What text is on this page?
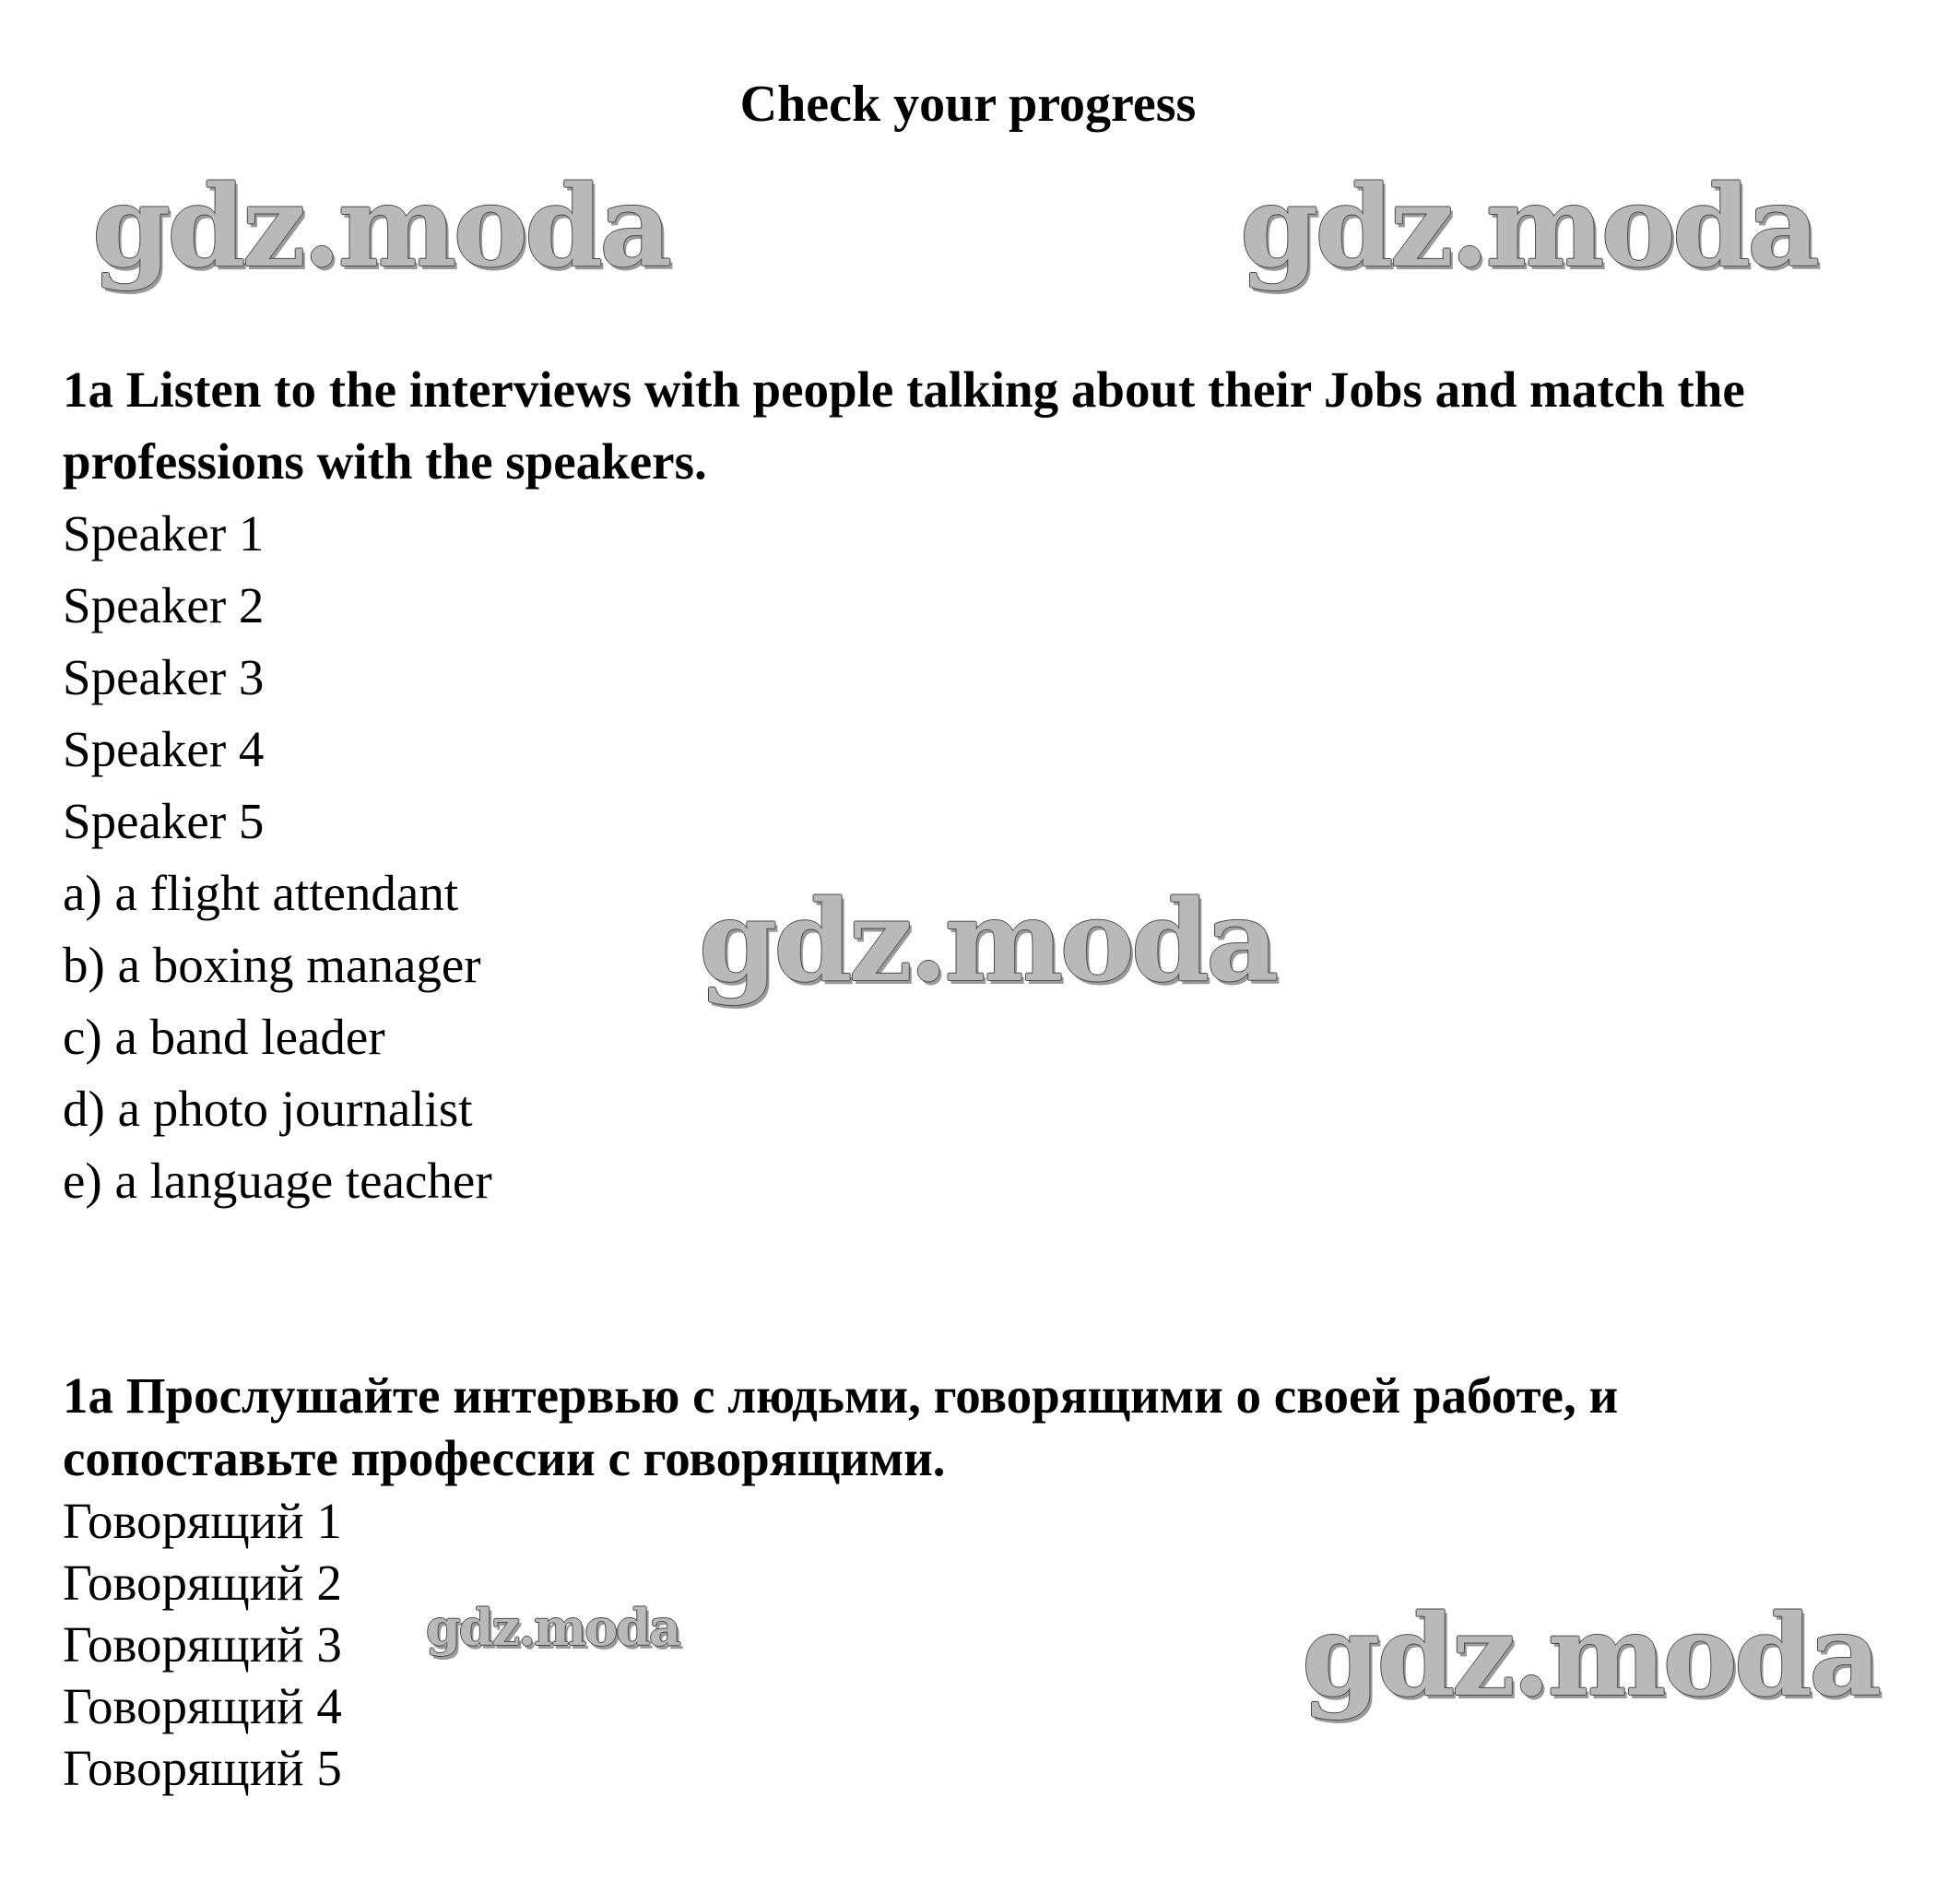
Check your progress
gdz.moda	gdz.moda
gdz.moda
gdz.moda	gdz.moda

1a Listen to the interviews with people talking about their Jobs and match the professions with the speakers.

Speaker 1

Speaker 2

Speaker 3

Speaker 4

Speaker 5

a) a flight attendant

b) a boxing manager

c) a band leader

d) a photo journalist

e) a language teacher

1a Прослушайте интервью с людьми, говорящими о своей работе, и сопоставьте профессии с говорящими.

Говорящий 1

Говорящий 2

Говорящий 3

Говорящий 4

Говорящий 5
